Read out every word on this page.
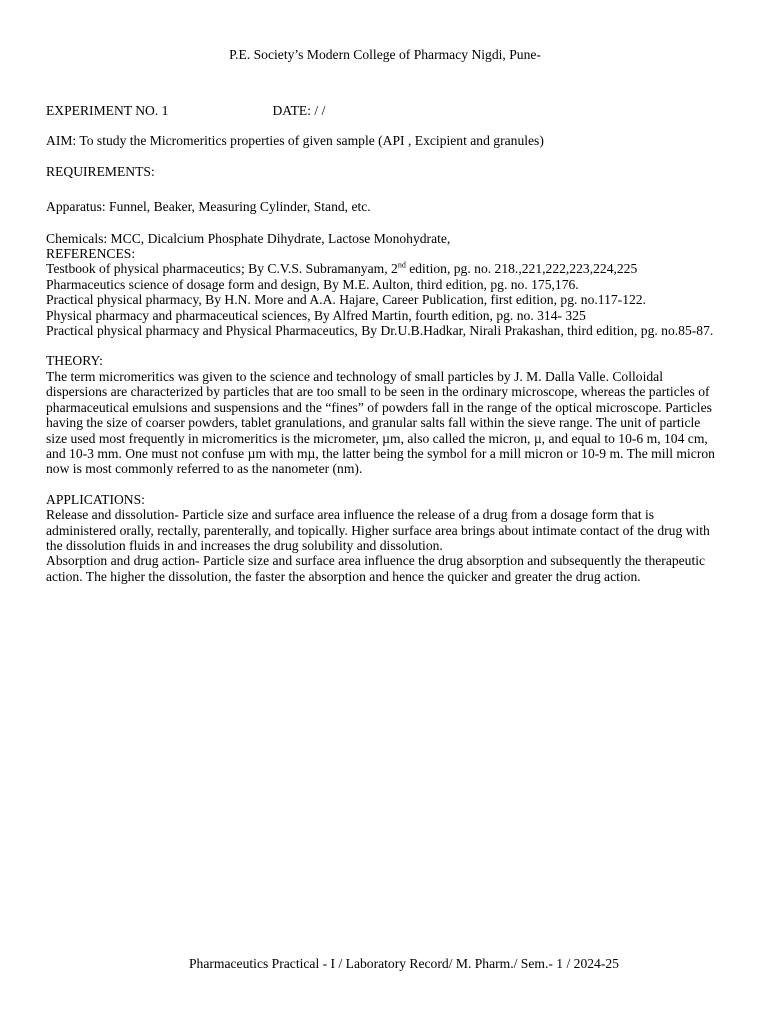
P.E. Society’s Modern College of Pharmacy Nigdi, Pune-

EXPERIMENT NO. 1	DATE: / /

AIM: To study the Micromeritics properties of given sample (API , Excipient and granules)

REQUIREMENTS:

Apparatus: Funnel, Beaker, Measuring Cylinder, Stand, etc.

Chemicals: MCC, Dicalcium Phosphate Dihydrate, Lactose Monohydrate,

REFERENCES:

Testbook of physical pharmaceutics; By C.V.S. Subramanyam, 2nd edition, pg. no. 218.,221,222,223,224,225

Pharmaceutics science of dosage form and design, By M.E. Aulton, third edition, pg. no. 175,176.

Practical physical pharmacy, By H.N. More and A.A. Hajare, Career Publication, first edition, pg. no.117-122.

Physical pharmacy and pharmaceutical sciences, By Alfred Martin, fourth edition, pg. no. 314- 325

Practical physical pharmacy and Physical Pharmaceutics, By Dr.U.B.Hadkar, Nirali Prakashan, third edition, pg. no.85-87.

THEORY:

The term micromeritics was given to the science and technology of small particles by J. M. Dalla Valle. Colloidal dispersions are characterized by particles that are too small to be seen in the ordinary microscope, whereas the particles of pharmaceutical emulsions and suspensions and the “fines” of powders fall in the range of the optical microscope. Particles having the size of coarser powders, tablet granulations, and granular salts fall within the sieve range. The unit of particle size used most frequently in micromeritics is the micrometer, µm, also called the micron, µ, and equal to 10-6 m, 104 cm, and 10-3 mm. One must not confuse µm with mµ, the latter being the symbol for a mill micron or 10-9 m. The mill micron now is most commonly referred to as the nanometer (nm).

APPLICATIONS:

Release and dissolution- Particle size and surface area influence the release of a drug from a dosage form that is administered orally, rectally, parenterally, and topically. Higher surface area brings about intimate contact of the drug with the dissolution fluids in and increases the drug solubility and dissolution.

Absorption and drug action- Particle size and surface area influence the drug absorption and subsequently the therapeutic action. The higher the dissolution, the faster the absorption and hence the quicker and greater the drug action.

Pharmaceutics Practical - I / Laboratory Record/ M. Pharm./ Sem.- 1 / 2024-25
